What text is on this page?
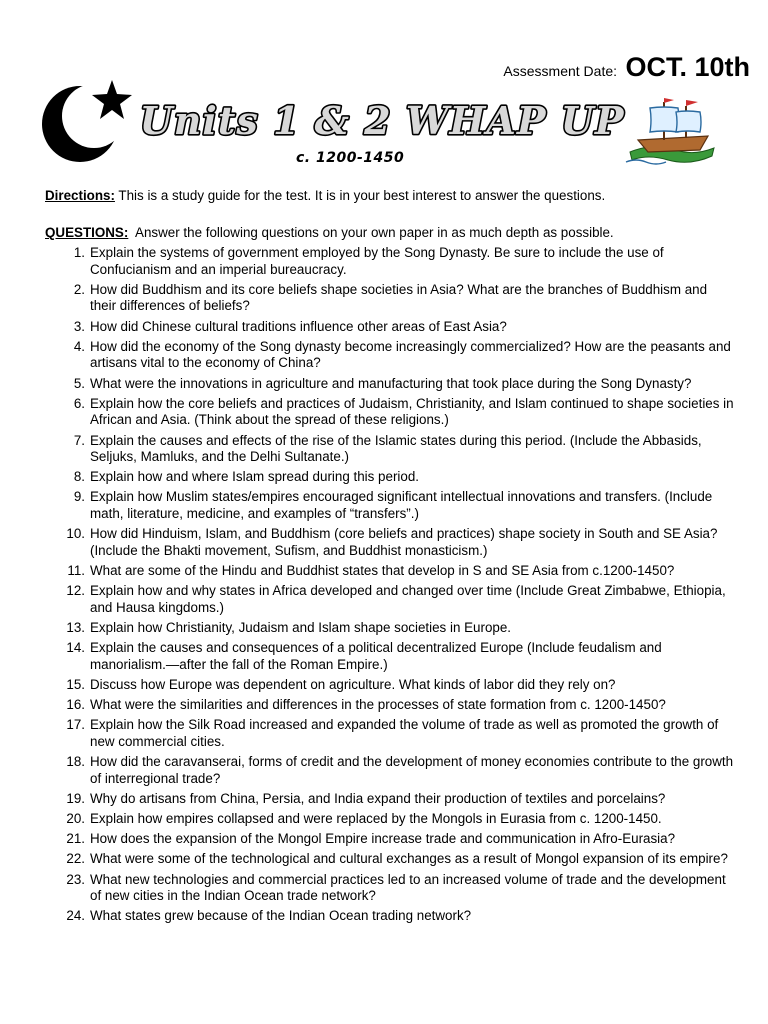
Assessment Date: OCT. 10th
Units 1 & 2 WHAP UP
c. 1200-1450
Directions: This is a study guide for the test. It is in your best interest to answer the questions.
QUESTIONS:  Answer the following questions on your own paper in as much depth as possible.
1. Explain the systems of government employed by the Song Dynasty. Be sure to include the use of Confucianism and an imperial bureaucracy.
2. How did Buddhism and its core beliefs shape societies in Asia? What are the branches of Buddhism and their differences of beliefs?
3. How did Chinese cultural traditions influence other areas of East Asia?
4. How did the economy of the Song dynasty become increasingly commercialized? How are the peasants and artisans vital to the economy of China?
5. What were the innovations in agriculture and manufacturing that took place during the Song Dynasty?
6. Explain how the core beliefs and practices of Judaism, Christianity, and Islam continued to shape societies in African and Asia. (Think about the spread of these religions.)
7. Explain the causes and effects of the rise of the Islamic states during this period. (Include the Abbasids, Seljuks, Mamluks, and the Delhi Sultanate.)
8. Explain how and where Islam spread during this period.
9. Explain how Muslim states/empires encouraged significant intellectual innovations and transfers. (Include math, literature, medicine, and examples of “transfers”.)
10. How did Hinduism, Islam, and Buddhism (core beliefs and practices) shape society in South and SE Asia? (Include the Bhakti movement, Sufism, and Buddhist monasticism.)
11. What are some of the Hindu and Buddhist states that develop in S and SE Asia from c.1200-1450?
12. Explain how and why states in Africa developed and changed over time (Include Great Zimbabwe, Ethiopia, and Hausa kingdoms.)
13. Explain how Christianity, Judaism and Islam shape societies in Europe.
14. Explain the causes and consequences of a political decentralized Europe (Include feudalism and manorialism.—after the fall of the Roman Empire.)
15. Discuss how Europe was dependent on agriculture. What kinds of labor did they rely on?
16. What were the similarities and differences in the processes of state formation from c. 1200-1450?
17. Explain how the Silk Road increased and expanded the volume of trade as well as promoted the growth of new commercial cities.
18. How did the caravanserai, forms of credit and the development of money economies contribute to the growth of interregional trade?
19. Why do artisans from China, Persia, and India expand their production of textiles and porcelains?
20. Explain how empires collapsed and were replaced by the Mongols in Eurasia from c. 1200-1450.
21. How does the expansion of the Mongol Empire increase trade and communication in Afro-Eurasia?
22. What were some of the technological and cultural exchanges as a result of Mongol expansion of its empire?
23. What new technologies and commercial practices led to an increased volume of trade and the development of new cities in the Indian Ocean trade network?
24. What states grew because of the Indian Ocean trading network?
